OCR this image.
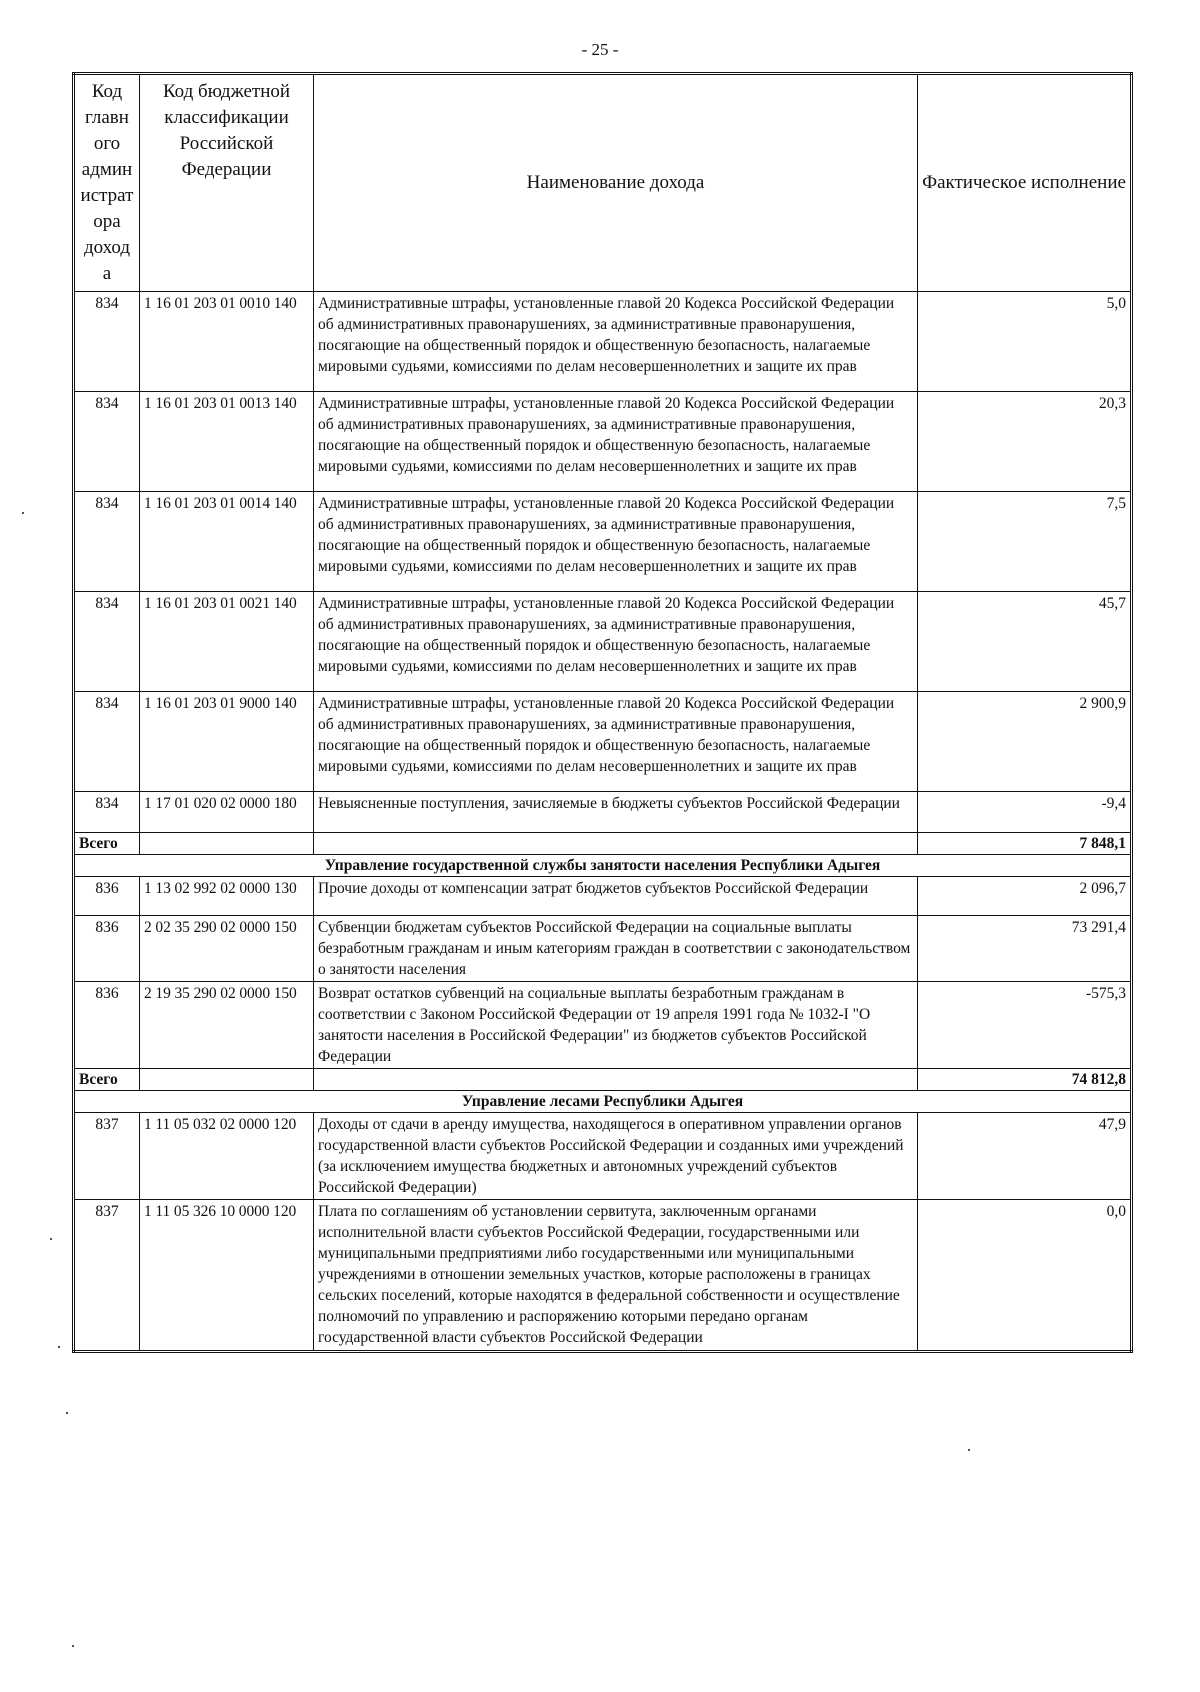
- 25 -
Код главн ого админ истрат ора доход а	Код бюджетной классификации Российской Федерации	Наименование дохода	Фактическое исполнение
834	1 16 01 203 01 0010 140	Административные штрафы, установленные главой 20 Кодекса Российской Федерации об административных правонарушениях, за административные правонарушения, посягающие на общественный порядок и общественную безопасность, налагаемые мировыми судьями, комиссиями по делам несовершеннолетних и защите их прав	5,0
834	1 16 01 203 01 0013 140	Административные штрафы, установленные главой 20 Кодекса Российской Федерации об административных правонарушениях, за административные правонарушения, посягающие на общественный порядок и общественную безопасность, налагаемые мировыми судьями, комиссиями по делам несовершеннолетних и защите их прав	20,3
834	1 16 01 203 01 0014 140	Административные штрафы, установленные главой 20 Кодекса Российской Федерации об административных правонарушениях, за административные правонарушения, посягающие на общественный порядок и общественную безопасность, налагаемые мировыми судьями, комиссиями по делам несовершеннолетних и защите их прав	7,5
834	1 16 01 203 01 0021 140	Административные штрафы, установленные главой 20 Кодекса Российской Федерации об административных правонарушениях, за административные правонарушения, посягающие на общественный порядок и общественную безопасность, налагаемые мировыми судьями, комиссиями по делам несовершеннолетних и защите их прав	45,7
834	1 16 01 203 01 9000 140	Административные штрафы, установленные главой 20 Кодекса Российской Федерации об административных правонарушениях, за административные правонарушения, посягающие на общественный порядок и общественную безопасность, налагаемые мировыми судьями, комиссиями по делам несовершеннолетних и защите их прав	2 900,9
834	1 17 01 020 02 0000 180	Невыясненные поступления, зачисляемые в бюджеты субъектов Российской Федерации	-9,4
Всего			7 848,1
Управление государственной службы занятости населения Республики Адыгея			
836	1 13 02 992 02 0000 130	Прочие доходы от компенсации затрат бюджетов субъектов Российской Федерации	2 096,7
836	2 02 35 290 02 0000 150	Субвенции бюджетам субъектов Российской Федерации на социальные выплаты безработным гражданам и иным категориям граждан в соответствии с законодательством о занятости населения	73 291,4
836	2 19 35 290 02 0000 150	Возврат остатков субвенций на социальные выплаты безработным гражданам в соответствии с Законом Российской Федерации от 19 апреля 1991 года № 1032-I "О занятости населения в Российской Федерации" из бюджетов субъектов Российской Федерации	-575,3
Всего			74 812,8
Управление лесами Республики Адыгея			
837	1 11 05 032 02 0000 120	Доходы от сдачи в аренду имущества, находящегося в оперативном управлении органов государственной власти субъектов Российской Федерации и созданных ими учреждений (за исключением имущества бюджетных и автономных учреждений субъектов Российской Федерации)	47,9
837	1 11 05 326 10 0000 120	Плата по соглашениям об установлении сервитута, заключенным органами исполнительной власти субъектов Российской Федерации, государственными или муниципальными предприятиями либо государственными или муниципальными учреждениями в отношении земельных участков, которые расположены в границах сельских поселений, которые находятся в федеральной собственности и осуществление полномочий по управлению и распоряжению которыми передано органам государственной власти субъектов Российской Федерации	0,0
